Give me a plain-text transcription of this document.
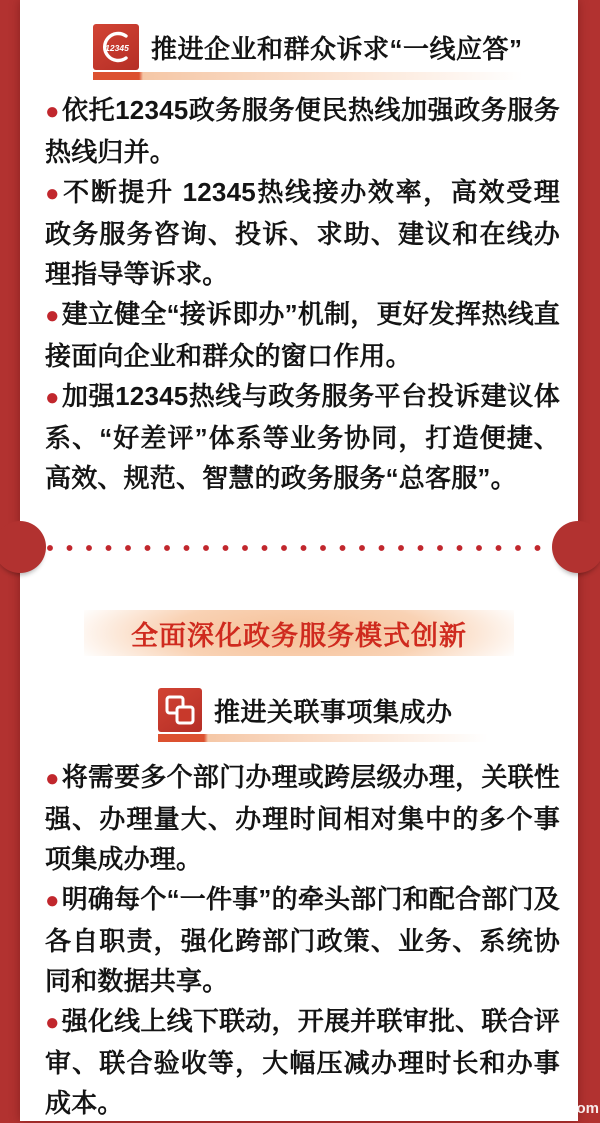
12345 推进企业和群众诉求“一线应答”

●依托12345政务服务便民热线加强政务服务热线归并。

●不断提升 12345热线接办效率，高效受理政务服务咨询、投诉、求助、建议和在线办理指导等诉求。

●建立健全“接诉即办”机制，更好发挥热线直接面向企业和群众的窗口作用。

●加强12345热线与政务服务平台投诉建议体系、“好差评”体系等业务协同，打造便捷、高效、规范、智慧的政务服务“总客服”。

全面深化政务服务模式创新
推进关联事项集成办

●将需要多个部门办理或跨层级办理，关联性强、办理量大、办理时间相对集中的多个事项集成办理。

●明确每个“一件事”的牵头部门和配合部门及各自职责，强化跨部门政策、业务、系统协同和数据共享。

●强化线上线下联动，开展并联审批、联合评审、联合验收等，大幅压减办理时长和办事成本。	com
